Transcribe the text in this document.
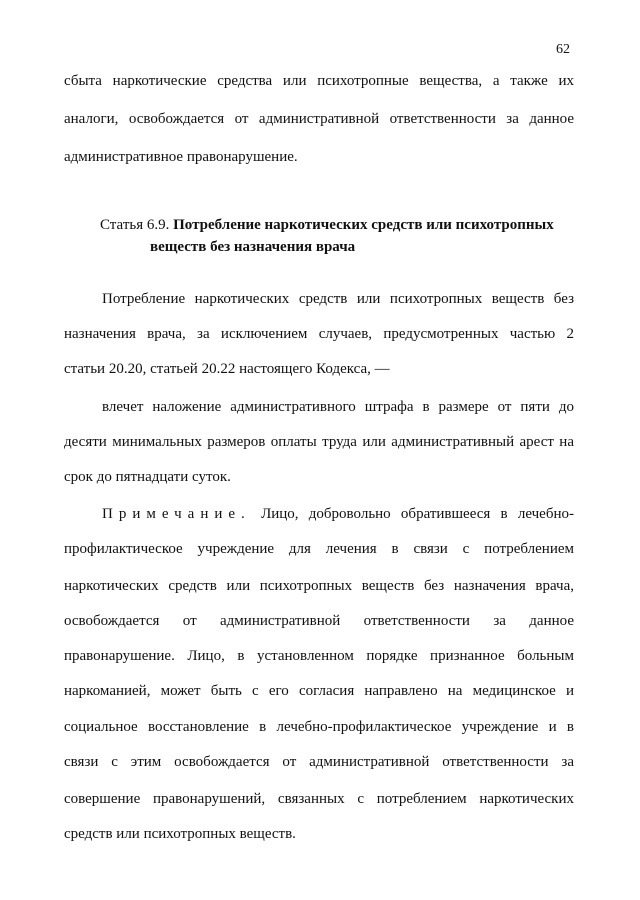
62
сбыта наркотические средства или психотропные вещества, а также их
аналоги, освобождается от административной ответственности за данное
административное правонарушение.
Статья 6.9. Потребление наркотических средств или психотропных
веществ без назначения врача
Потребление наркотических средств или психотропных веществ без
назначения врача, за исключением случаев, предусмотренных частью 2
статьи 20.20, статьей 20.22 настоящего Кодекса, —
влечет наложение административного штрафа в размере от пяти до
десяти минимальных размеров оплаты труда или административный арест на
срок до пятнадцати суток.
Примечание. Лицо, добровольно обратившееся в лечебно-
профилактическое учреждение для лечения в связи с потреблением
наркотических средств или психотропных веществ без назначения врача,
освобождается от административной ответственности за данное
правонарушение. Лицо, в установленном порядке признанное больным
наркоманией, может быть с его согласия направлено на медицинское и
социальное восстановление в лечебно-профилактическое учреждение и в
связи с этим освобождается от административной ответственности за
совершение правонарушений, связанных с потреблением наркотических
средств или психотропных веществ.
